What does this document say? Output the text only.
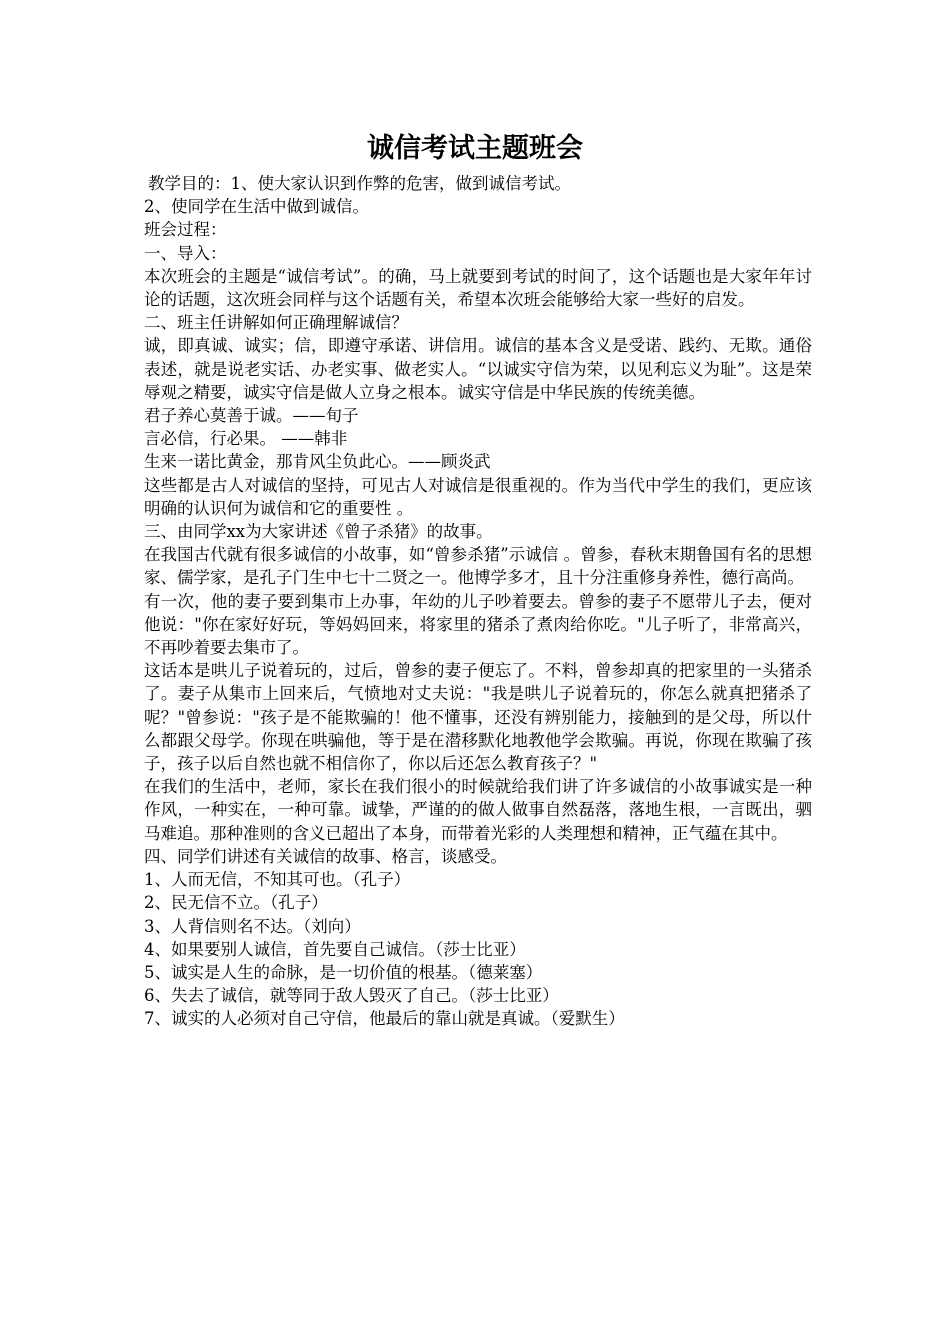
诚信考试主题班会

教学目的：1、使大家认识到作弊的危害，做到诚信考试。

2、使同学在生活中做到诚信。

班会过程：

一、导入：

本次班会的主题是“诚信考试”。的确，马上就要到考试的时间了，这个话题也是大家年年讨论的话题，这次班会同样与这个话题有关，希望本次班会能够给大家一些好的启发。

二、班主任讲解如何正确理解诚信？

诚，即真诚、诚实；信，即遵守承诺、讲信用。诚信的基本含义是受诺、践约、无欺。通俗表述，就是说老实话、办老实事、做老实人。“以诚实守信为荣，以见利忘义为耻”。这是荣辱观之精要，诚实守信是做人立身之根本。诚实守信是中华民族的传统美德。

君子养心莫善于诚。——旬子

言必信，行必果。 ——韩非

生来一诺比黄金，那肯风尘负此心。——顾炎武

这些都是古人对诚信的坚持，可见古人对诚信是很重视的。作为当代中学生的我们，更应该明确的认识何为诚信和它的重要性 。

三、由同学xx为大家讲述《曾子杀猪》的故事。

在我国古代就有很多诚信的小故事，如“曾参杀猪”示诚信 。曾参，春秋末期鲁国有名的思想家、儒学家，是孔子门生中七十二贤之一。他博学多才，且十分注重修身养性，德行高尚。

有一次，他的妻子要到集市上办事，年幼的儿子吵着要去。曾参的妻子不愿带儿子去，便对他说："你在家好好玩，等妈妈回来，将家里的猪杀了煮肉给你吃。"儿子听了，非常高兴，不再吵着要去集市了。

这话本是哄儿子说着玩的，过后，曾参的妻子便忘了。不料，曾参却真的把家里的一头猪杀了。妻子从集市上回来后，气愤地对丈夫说："我是哄儿子说着玩的，你怎么就真把猪杀了呢？"曾参说："孩子是不能欺骗的！他不懂事，还没有辨别能力，接触到的是父母，所以什么都跟父母学。你现在哄骗他，等于是在潜移默化地教他学会欺骗。再说，你现在欺骗了孩子，孩子以后自然也就不相信你了，你以后还怎么教育孩子？"

在我们的生活中，老师，家长在我们很小的时候就给我们讲了许多诚信的小故事诚实是一种作风，一种实在，一种可靠。诚挚，严谨的的做人做事自然磊落，落地生根，一言既出，驷马难追。那种准则的含义已超出了本身，而带着光彩的人类理想和精神，正气蕴在其中。

四、同学们讲述有关诚信的故事、格言，谈感受。

1、人而无信，不知其可也。（孔子）

2、民无信不立。（孔子）

3、人背信则名不达。（刘向）

4、如果要别人诚信，首先要自己诚信。（莎士比亚）

5、诚实是人生的命脉，是一切价值的根基。（德莱塞）

6、失去了诚信，就等同于敌人毁灭了自己。（莎士比亚）

7、诚实的人必须对自己守信，他最后的靠山就是真诚。（爱默生）
